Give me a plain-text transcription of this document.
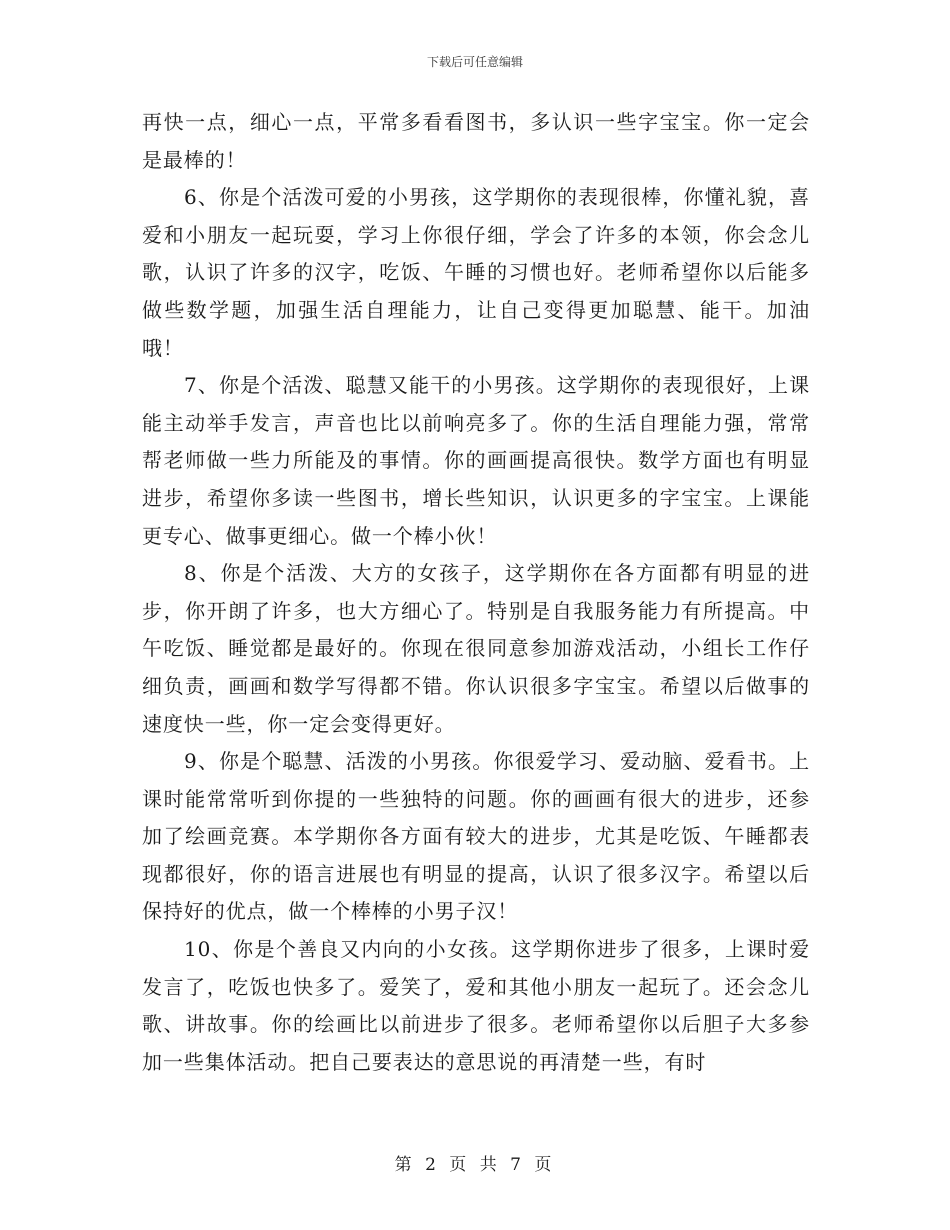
下载后可任意编辑

再快一点，细心一点，平常多看看图书，多认识一些字宝宝。你一定会是最棒的！

6、你是个活泼可爱的小男孩，这学期你的表现很棒，你懂礼貌，喜爱和小朋友一起玩耍，学习上你很仔细，学会了许多的本领，你会念儿歌，认识了许多的汉字，吃饭、午睡的习惯也好。老师希望你以后能多做些数学题，加强生活自理能力，让自己变得更加聪慧、能干。加油哦！

7、你是个活泼、聪慧又能干的小男孩。这学期你的表现很好，上课能主动举手发言，声音也比以前响亮多了。你的生活自理能力强，常常帮老师做一些力所能及的事情。你的画画提高很快。数学方面也有明显进步，希望你多读一些图书，增长些知识，认识更多的字宝宝。上课能更专心、做事更细心。做一个棒小伙！

8、你是个活泼、大方的女孩子，这学期你在各方面都有明显的进步，你开朗了许多，也大方细心了。特别是自我服务能力有所提高。中午吃饭、睡觉都是最好的。你现在很同意参加游戏活动，小组长工作仔细负责，画画和数学写得都不错。你认识很多字宝宝。希望以后做事的速度快一些，你一定会变得更好。

9、你是个聪慧、活泼的小男孩。你很爱学习、爱动脑、爱看书。上课时能常常听到你提的一些独特的问题。你的画画有很大的进步，还参加了绘画竞赛。本学期你各方面有较大的进步，尤其是吃饭、午睡都表现都很好，你的语言进展也有明显的提高，认识了很多汉字。希望以后保持好的优点，做一个棒棒的小男子汉！

10、你是个善良又内向的小女孩。这学期你进步了很多，上课时爱发言了，吃饭也快多了。爱笑了，爱和其他小朋友一起玩了。还会念儿歌、讲故事。你的绘画比以前进步了很多。老师希望你以后胆子大多参加一些集体活动。把自己要表达的意思说的再清楚一些，有时

第 2 页 共 7 页
